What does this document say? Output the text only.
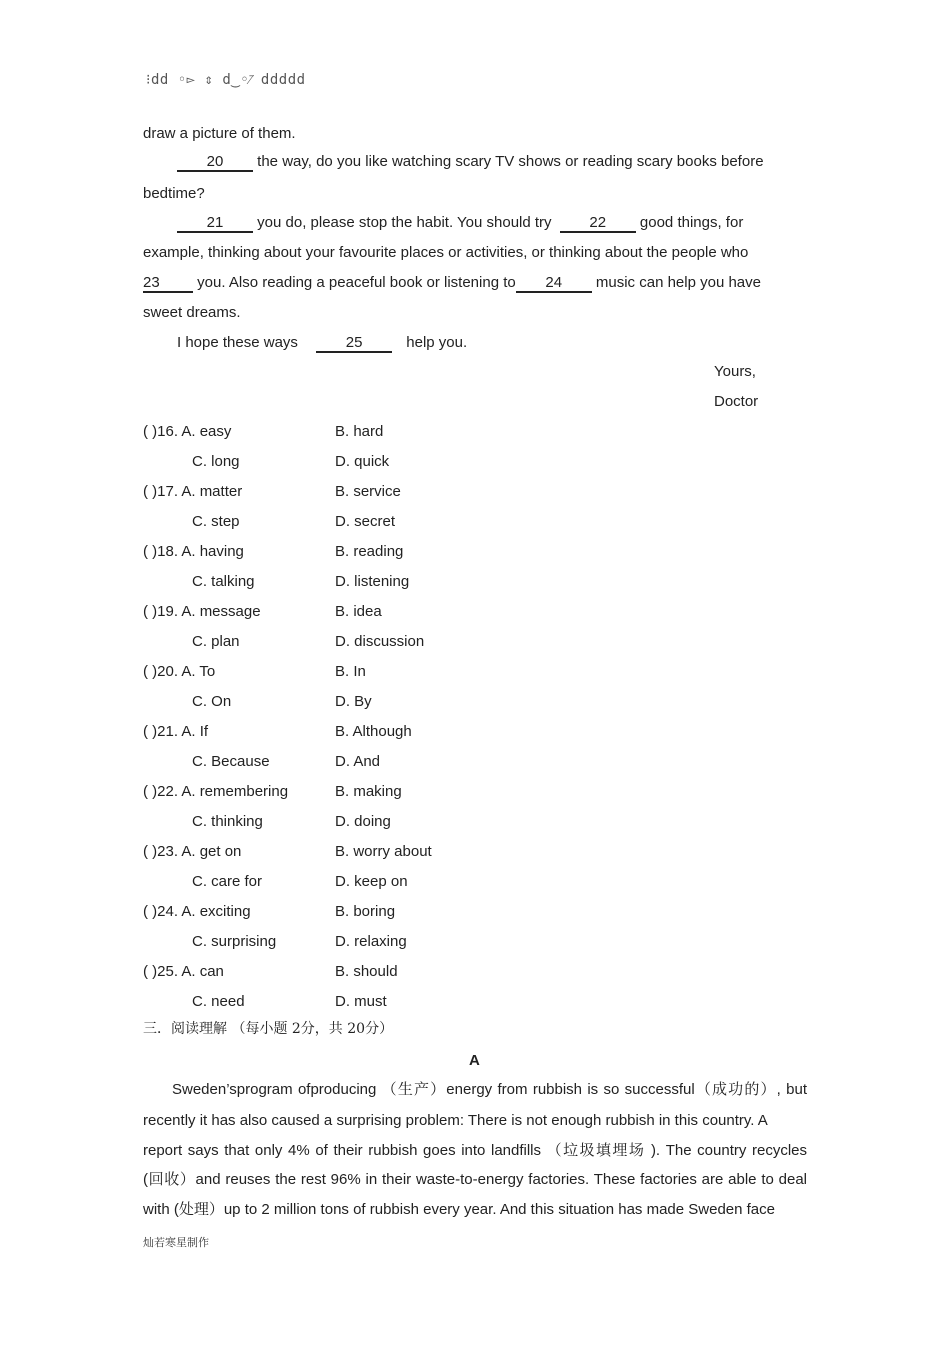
⁝dd ◦▻ ⇕ d‿◦⁄̄ ddddd
draw a picture of them.
20 the way, do you like watching scary TV shows or reading scary books before
bedtime?
21 you do, please stop the habit. You should try	22 good things, for
example, thinking about your favourite places or activities, or thinking about the people who
23 you. Also reading a peaceful book or listening to 24 music can help you have
sweet dreams.
I hope these ways	25	help you.
Yours,
Doctor
( )16. A. easy	B. hard
C. long	D. quick
( )17. A. matter	B. service
C. step	D. secret
( )18. A. having	B. reading
C. talking	D. listening
( )19. A. message	B. idea
C. plan	D. discussion
( )20. A. To	B. In
C. On	D. By
( )21. A. If	B. Although
C. Because	D. And
( )22. A. remembering	B. making
C. thinking	D. doing
( )23. A. get on	B. worry about
C. care for	D. keep on
( )24. A. exciting	B. boring
C. surprising	D. relaxing
( )25. A. can	B. should
C. need	D. must
三．阅读理解 （每小题 2分，共 20分）
A
Sweden’sprogram ofproducing （生产）energy from rubbish is so successful（成功的）, but
recently it has also caused a surprising problem: There is not enough rubbish in this country. A
report says that only 4% of their rubbish goes into landfills （垃圾填埋场 ). The country recycles
(回收）and reuses the rest 96% in their waste-to-energy factories. These factories are able to deal
with (处理）up to 2 million tons of rubbish every year. And this situation has made Sweden face
灿若寒星制作
